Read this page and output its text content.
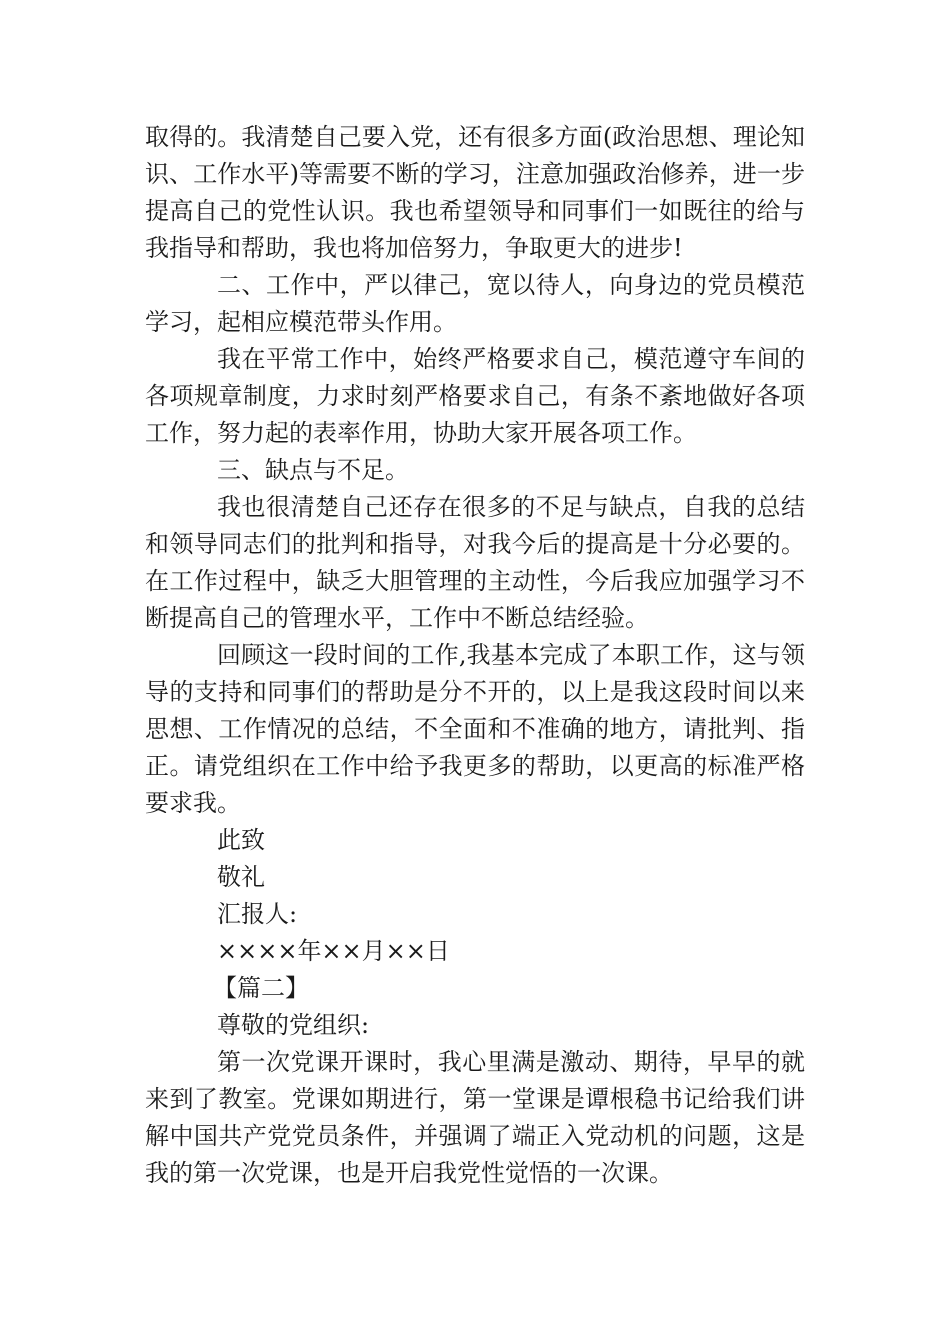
取得的。我清楚自己要入党，还有很多方面(政治思想、理论知识、工作水平)等需要不断的学习，注意加强政治修养，进一步提高自己的党性认识。我也希望领导和同事们一如既往的给与我指导和帮助，我也将加倍努力，争取更大的进步!

二、工作中，严以律己，宽以待人，向身边的党员模范学习，起相应模范带头作用。

我在平常工作中，始终严格要求自己，模范遵守车间的各项规章制度，力求时刻严格要求自己，有条不紊地做好各项工作，努力起的表率作用，协助大家开展各项工作。

三、缺点与不足。

我也很清楚自己还存在很多的不足与缺点，自我的总结和领导同志们的批判和指导，对我今后的提高是十分必要的。在工作过程中，缺乏大胆管理的主动性，今后我应加强学习不断提高自己的管理水平，工作中不断总结经验。

回顾这一段时间的工作,我基本完成了本职工作，这与领导的支持和同事们的帮助是分不开的，以上是我这段时间以来思想、工作情况的总结，不全面和不准确的地方，请批判、指正。请党组织在工作中给予我更多的帮助，以更高的标准严格要求我。

此致

敬礼

汇报人:

××××年××月××日

【篇二】

尊敬的党组织:

第一次党课开课时，我心里满是激动、期待，早早的就来到了教室。党课如期进行，第一堂课是谭根稳书记给我们讲解中国共产党党员条件，并强调了端正入党动机的问题，这是我的第一次党课，也是开启我党性觉悟的一次课。
